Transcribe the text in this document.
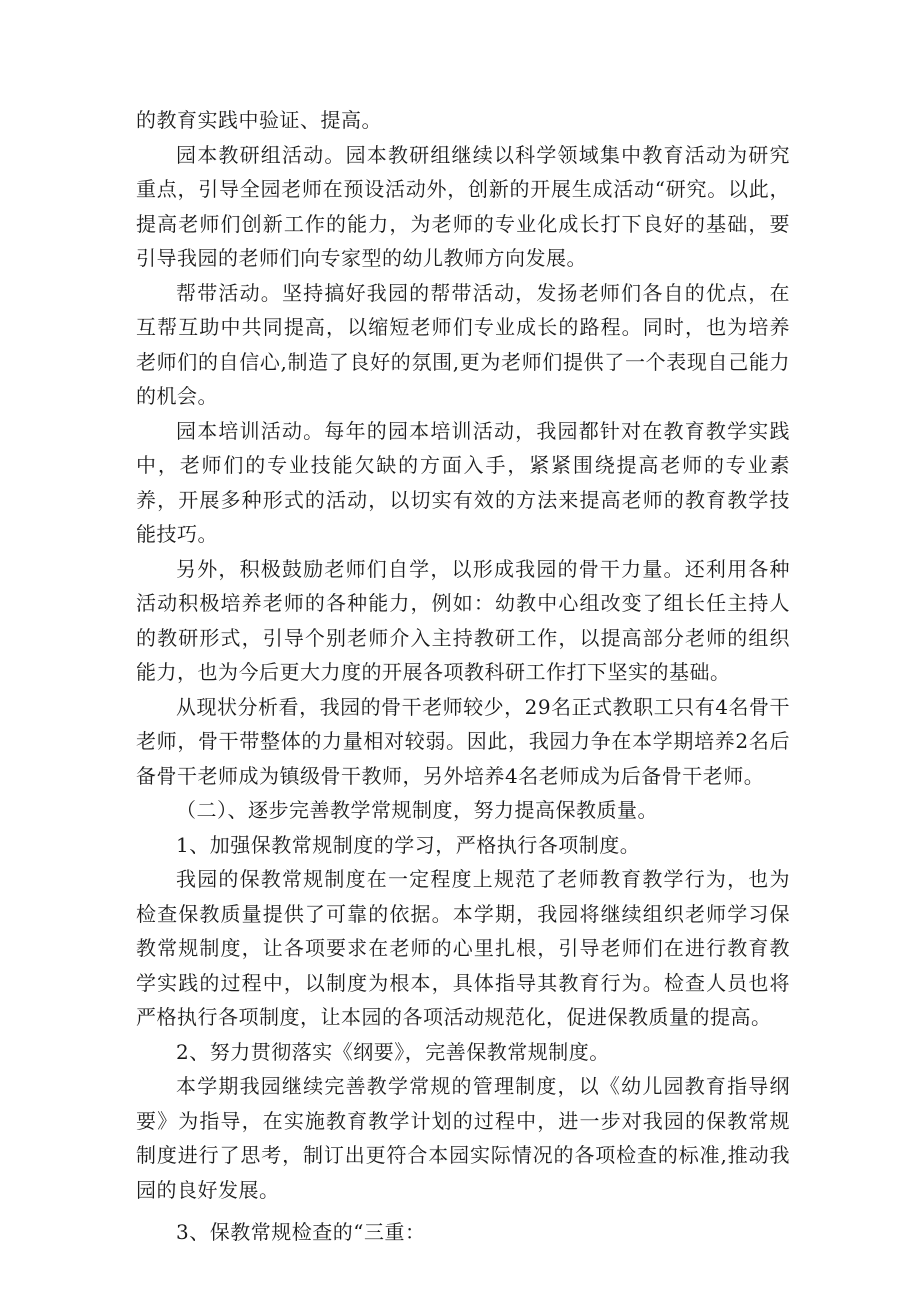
的教育实践中验证、提高。

园本教研组活动。园本教研组继续以科学领域集中教育活动为研究重点，引导全园老师在预设活动外，创新的开展生成活动“研究。以此，提高老师们创新工作的能力，为老师的专业化成长打下良好的基础，要引导我园的老师们向专家型的幼儿教师方向发展。

帮带活动。坚持搞好我园的帮带活动，发扬老师们各自的优点，在互帮互助中共同提高，以缩短老师们专业成长的路程。同时，也为培养老师们的自信心,制造了良好的氛围,更为老师们提供了一个表现自己能力的机会。

园本培训活动。每年的园本培训活动，我园都针对在教育教学实践中，老师们的专业技能欠缺的方面入手，紧紧围绕提高老师的专业素养，开展多种形式的活动，以切实有效的方法来提高老师的教育教学技能技巧。

另外，积极鼓励老师们自学，以形成我园的骨干力量。还利用各种活动积极培养老师的各种能力，例如：幼教中心组改变了组长任主持人的教研形式，引导个别老师介入主持教研工作，以提高部分老师的组织能力，也为今后更大力度的开展各项教科研工作打下坚实的基础。

从现状分析看，我园的骨干老师较少，29名正式教职工只有4名骨干老师，骨干带整体的力量相对较弱。因此，我园力争在本学期培养2名后备骨干老师成为镇级骨干教师，另外培养4名老师成为后备骨干老师。

（二）、逐步完善教学常规制度，努力提高保教质量。

1、加强保教常规制度的学习，严格执行各项制度。

我园的保教常规制度在一定程度上规范了老师教育教学行为，也为检查保教质量提供了可靠的依据。本学期，我园将继续组织老师学习保教常规制度，让各项要求在老师的心里扎根，引导老师们在进行教育教学实践的过程中，以制度为根本，具体指导其教育行为。检查人员也将严格执行各项制度，让本园的各项活动规范化，促进保教质量的提高。

2、努力贯彻落实《纲要》，完善保教常规制度。

本学期我园继续完善教学常规的管理制度，以《幼儿园教育指导纲要》为指导，在实施教育教学计划的过程中，进一步对我园的保教常规制度进行了思考，制订出更符合本园实际情况的各项检查的标准,推动我园的良好发展。

3、保教常规检查的“三重：
